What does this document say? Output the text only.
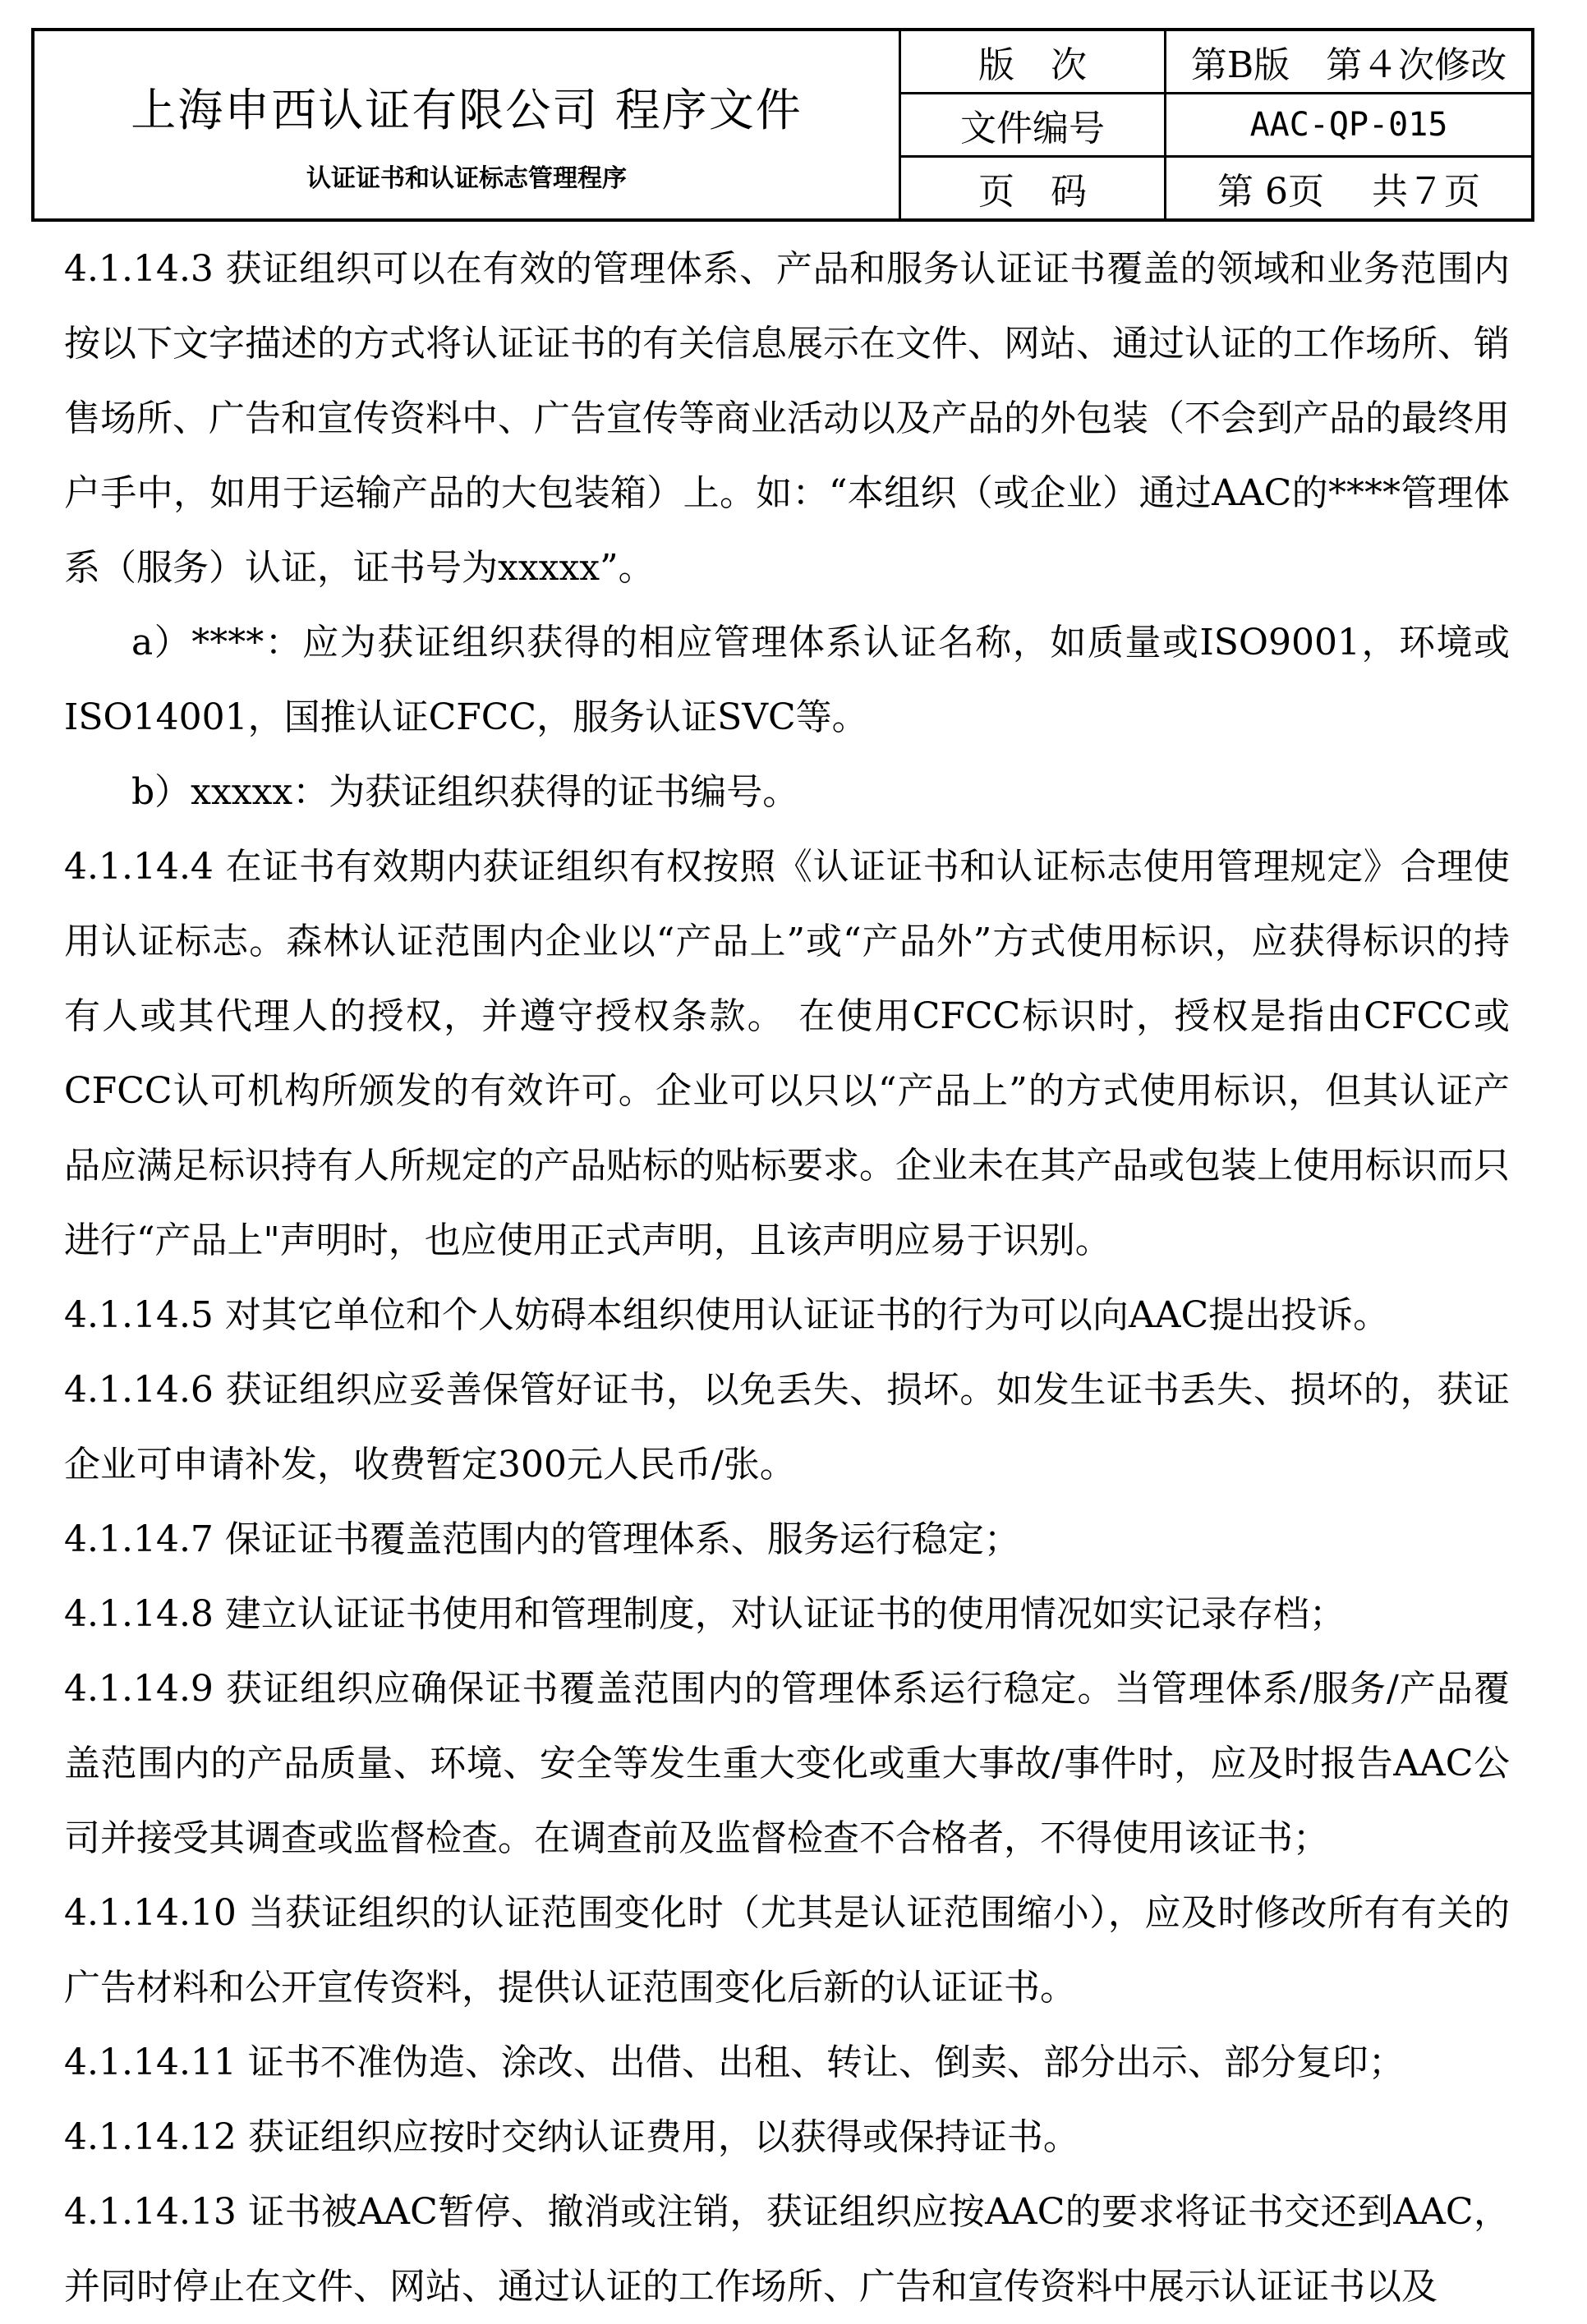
上海申西认证有限公司 程序文件
认证证书和认证标志管理程序
版　次	第B版　第４次修改
文件编号	AAC-QP-015
页　码	第 6页　 共７页

4.1.14.3 获证组织可以在有效的管理体系、产品和服务认证证书覆盖的领域和业务范围内按以下文字描述的方式将认证证书的有关信息展示在文件、网站、通过认证的工作场所、销售场所、广告和宣传资料中、广告宣传等商业活动以及产品的外包装（不会到产品的最终用户手中，如用于运输产品的大包装箱）上。如：“本组织（或企业）通过AAC的****管理体系（服务）认证，证书号为xxxxx”。

a）****：应为获证组织获得的相应管理体系认证名称，如质量或ISO9001，环境或ISO14001，国推认证CFCC，服务认证SVC等。

b）xxxxx：为获证组织获得的证书编号。

4.1.14.4 在证书有效期内获证组织有权按照《认证证书和认证标志使用管理规定》合理使用认证标志。森林认证范围内企业以“产品上”或“产品外”方式使用标识，应获得标识的持有人或其代理人的授权，并遵守授权条款。 在使用CFCC标识时，授权是指由CFCC或CFCC认可机构所颁发的有效许可。企业可以只以“产品上”的方式使用标识，但其认证产品应满足标识持有人所规定的产品贴标的贴标要求。企业未在其产品或包装上使用标识而只进行“产品上"声明时，也应使用正式声明，且该声明应易于识别。

4.1.14.5 对其它单位和个人妨碍本组织使用认证证书的行为可以向AAC提出投诉。

4.1.14.6 获证组织应妥善保管好证书，以免丢失、损坏。如发生证书丢失、损坏的，获证企业可申请补发，收费暂定300元人民币/张。

4.1.14.7 保证证书覆盖范围内的管理体系、服务运行稳定；

4.1.14.8 建立认证证书使用和管理制度，对认证证书的使用情况如实记录存档；

4.1.14.9 获证组织应确保证书覆盖范围内的管理体系运行稳定。当管理体系/服务/产品覆盖范围内的产品质量、环境、安全等发生重大变化或重大事故/事件时，应及时报告AAC公司并接受其调查或监督检查。在调查前及监督检查不合格者，不得使用该证书；

4.1.14.10 当获证组织的认证范围变化时（尤其是认证范围缩小），应及时修改所有有关的广告材料和公开宣传资料，提供认证范围变化后新的认证证书。

4.1.14.11 证书不准伪造、涂改、出借、出租、转让、倒卖、部分出示、部分复印；

4.1.14.12 获证组织应按时交纳认证费用，以获得或保持证书。

4.1.14.13 证书被AAC暂停、撤消或注销，获证组织应按AAC的要求将证书交还到AAC，并同时停止在文件、网站、通过认证的工作场所、广告和宣传资料中展示认证证书以及
